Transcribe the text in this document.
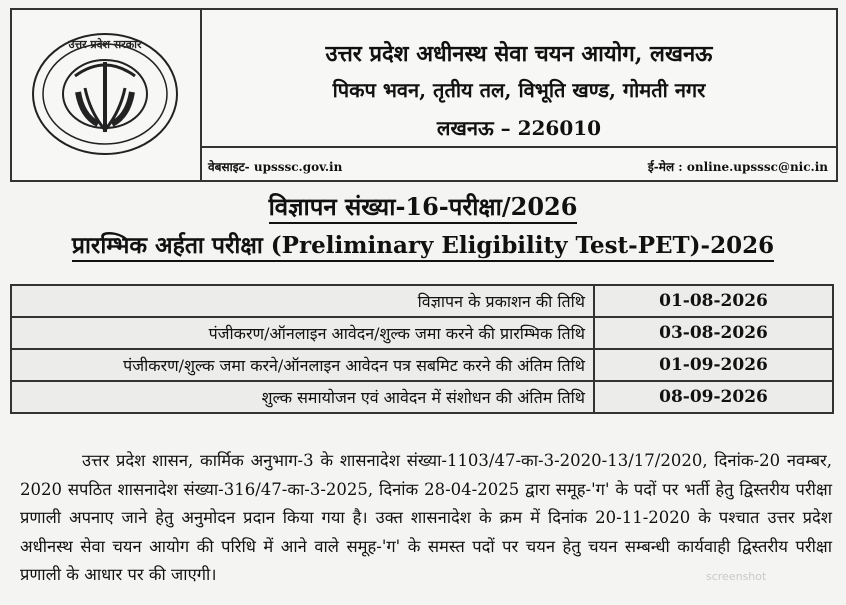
उत्तर प्रदेश सरकार	उत्तर प्रदेश अधीनस्थ सेवा चयन आयोग, लखनऊ
पिकप भवन, तृतीय तल, विभूति खण्ड, गोमती नगर
लखनऊ – 226010
वेबसाइट- upsssc.gov.in	ई-मेल : online.upsssc@nic.in
विज्ञापन संख्या-16-परीक्षा/2026
प्रारम्भिक अर्हता परीक्षा (Preliminary Eligibility Test-PET)-2026
विज्ञापन के प्रकाशन की तिथि	01-08-2026
पंजीकरण/ऑनलाइन आवेदन/शुल्क जमा करने की प्रारम्भिक तिथि	03-08-2026
पंजीकरण/शुल्क जमा करने/ऑनलाइन आवेदन पत्र सबमिट करने की अंतिम तिथि	01-09-2026
शुल्क समायोजन एवं आवेदन में संशोधन की अंतिम तिथि	08-09-2026
उत्तर प्रदेश शासन, कार्मिक अनुभाग-3 के शासनादेश संख्या-1103/47-का-3-2020-13/17/2020, दिनांक-20 नवम्बर, 2020 सपठित शासनादेश संख्या-316/47-का-3-2025, दिनांक 28-04-2025 द्वारा समूह-'ग' के पदों पर भर्ती हेतु द्विस्तरीय परीक्षा प्रणाली अपनाए जाने हेतु अनुमोदन प्रदान किया गया है। उक्त शासनादेश के क्रम में दिनांक 20-11-2020 के पश्चात उत्तर प्रदेश अधीनस्थ सेवा चयन आयोग की परिधि में आने वाले समूह-'ग' के समस्त पदों पर चयन हेतु चयन सम्बन्धी कार्यवाही द्विस्तरीय परीक्षा प्रणाली के आधार पर की जाएगी।	screenshot
